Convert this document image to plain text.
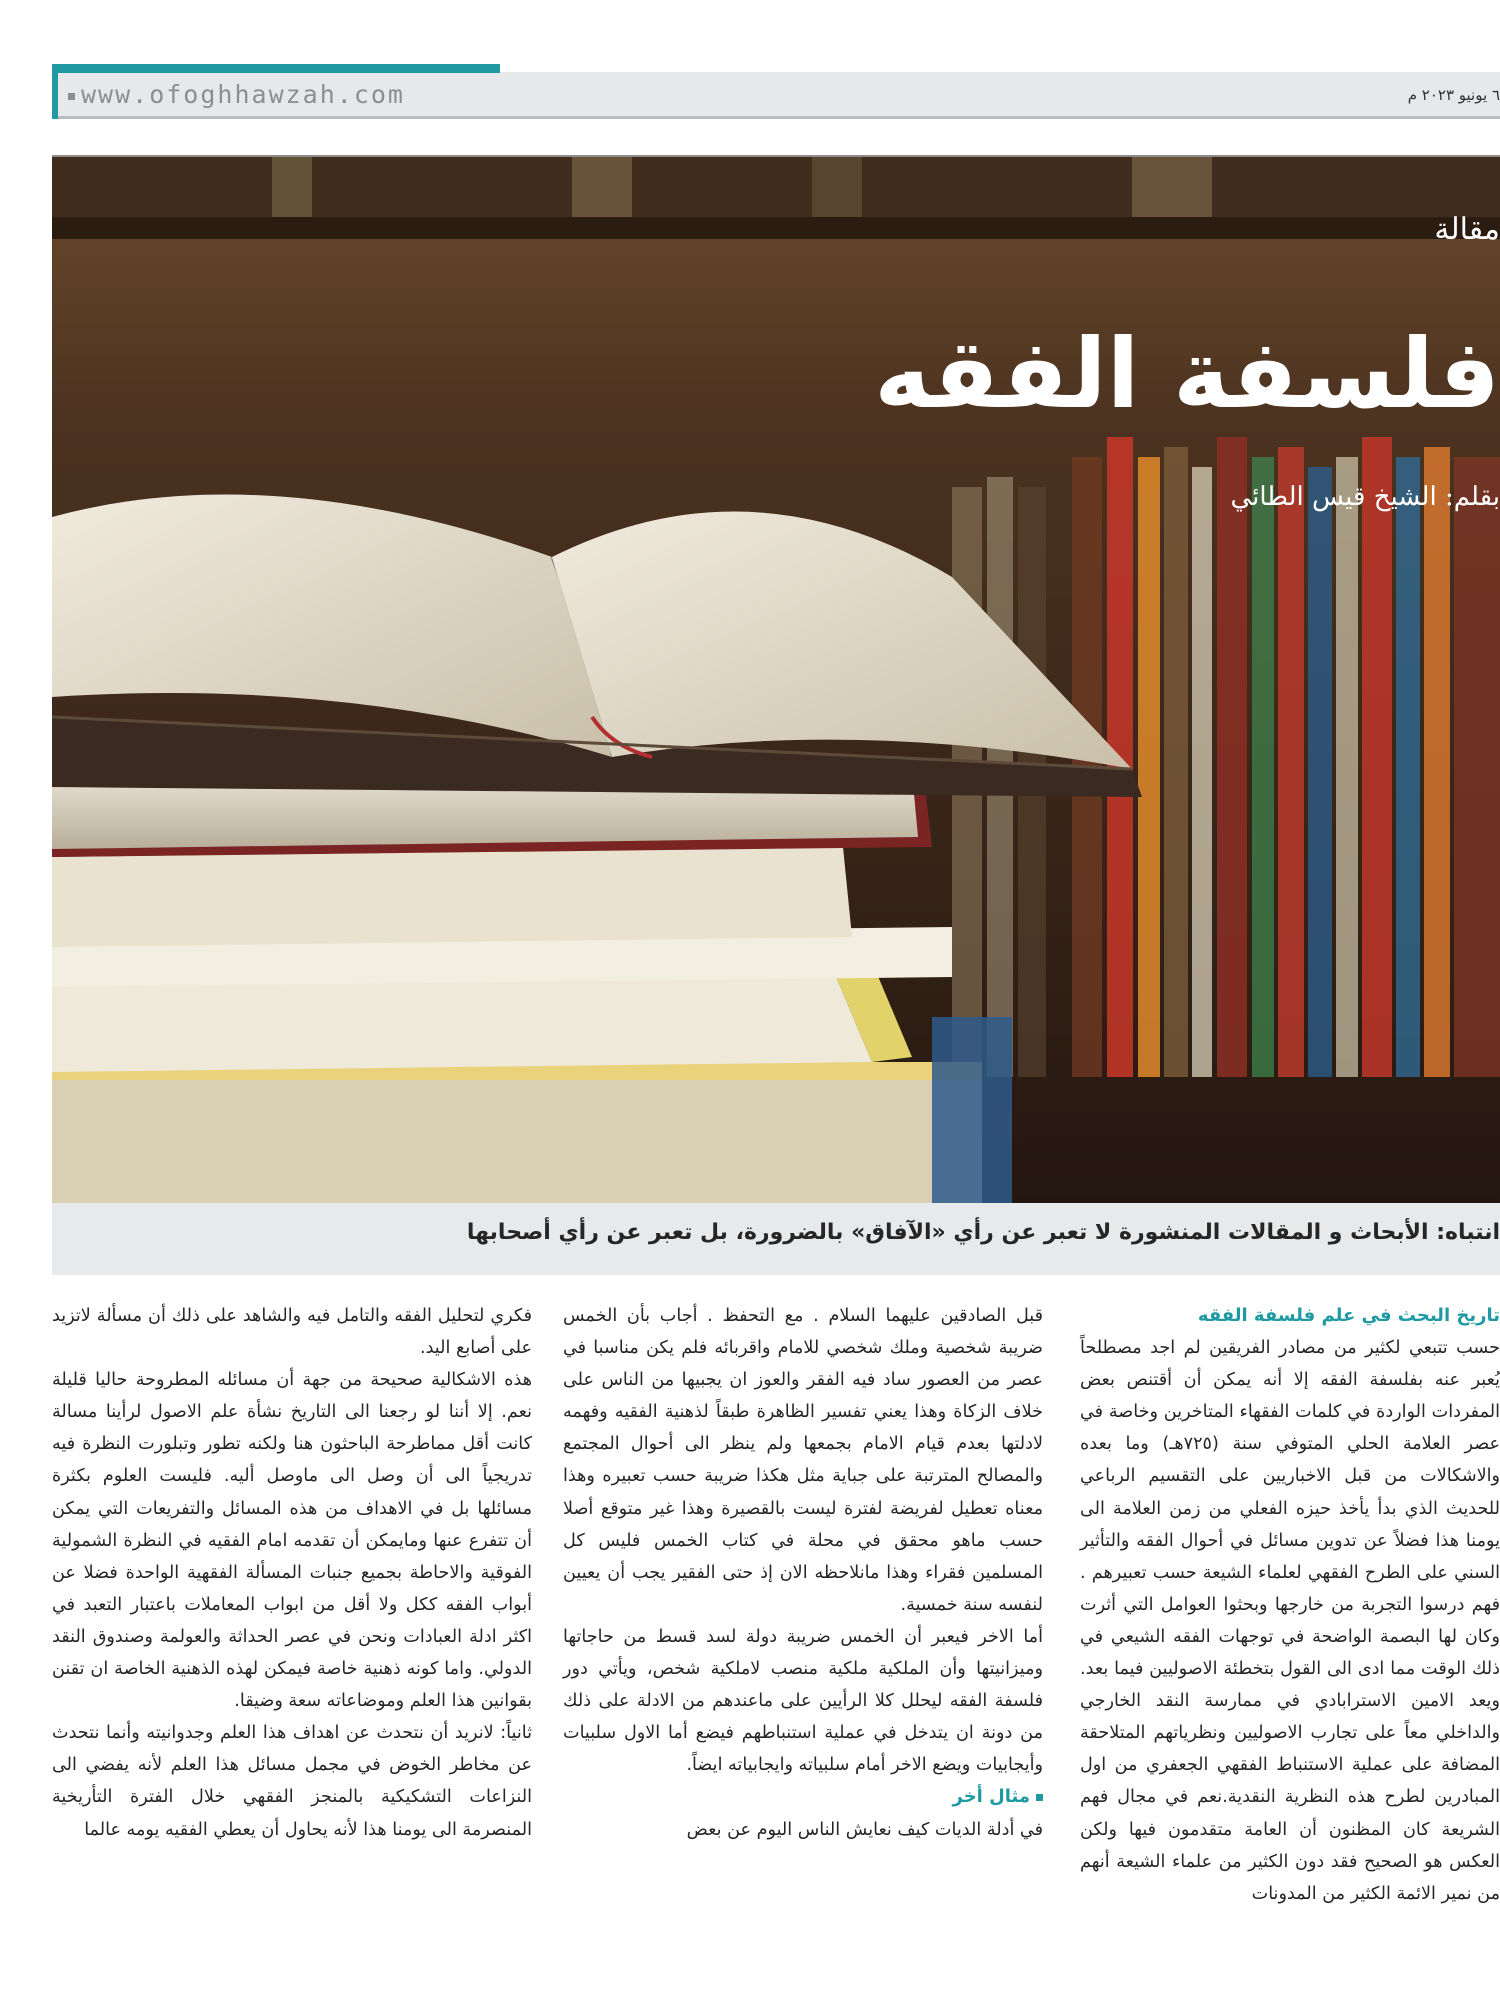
www.ofoghhawzah.com	٦ يونيو ٢٠٢٣ م
مقالة
فلسفة الفقه
بقلم: الشيخ قيس الطائي
انتباه: الأبحاث و المقالات المنشورة لا تعبر عن رأي «الآفاق» بالضرورة، بل تعبر عن رأي أصحابها

تاريخ البحث في علم فلسفة الفقه

حسب تتبعي لكثير من مصادر الفريقين لم اجد مصطلحاً يُعبر عنه بفلسفة الفقه إلا أنه يمكن أن أقتنص بعض المفردات الواردة في كلمات الفقهاء المتاخرين وخاصة في عصر العلامة الحلي المتوفي سنة (٧٢٥هـ) وما بعده والاشكالات من قبل الاخباريين على التقسيم الرباعي للحديث الذي بدأ يأخذ حيزه الفعلي من زمن العلامة الى يومنا هذا فضلاً عن تدوين مسائل في أحوال الفقه والتأثير السني على الطرح الفقهي لعلماء الشيعة حسب تعبيرهم . فهم درسوا التجربة من خارجها وبحثوا العوامل التي أثرت وكان لها البصمة الواضحة في توجهات الفقه الشيعي في ذلك الوقت مما ادى الى القول بتخطئة الاصوليين فيما بعد. ويعد الامين الاسترابادي في ممارسة النقد الخارجي والداخلي معاً على تجارب الاصوليين ونظرياتهم المتلاحقة المضافة على عملية الاستنباط الفقهي الجعفري من اول المبادرين لطرح هذه النظرية النقدية.نعم في مجال فهم الشريعة كان المظنون أن العامة متقدمون فيها ولكن العكس هو الصحيح فقد دون الكثير من علماء الشيعة أنهم من نمير الائمة الكثير من المدونات

قبل الصادقين عليهما السلام . مع التحفظ . أجاب بأن الخمس ضريبة شخصية وملك شخصي للامام واقربائه فلم يكن مناسبا في عصر من العصور ساد فيه الفقر والعوز ان يجبيها من الناس على خلاف الزكاة وهذا يعني تفسير الظاهرة طبقاً لذهنية الفقيه وفهمه لادلتها بعدم قيام الامام بجمعها ولم ينظر الى أحوال المجتمع والمصالح المترتبة على جباية مثل هكذا ضريبة حسب تعبيره وهذا معناه تعطيل لفريضة لفترة ليست بالقصيرة وهذا غير متوقع أصلا حسب ماهو محقق في محلة في كتاب الخمس فليس كل المسلمين فقراء وهذا مانلاحظه الان إذ حتى الفقير يجب أن يعيين لنفسه سنة خمسية.

أما الاخر فيعبر أن الخمس ضريبة دولة لسد قسط من حاجاتها وميزانيتها وأن الملكية ملكية منصب لاملكية شخص، ويأتي دور فلسفة الفقه ليحلل كلا الرأيين على ماعندهم من الادلة على ذلك من دونة ان يتدخل في عملية استنباطهم فيضع أما الاول سلبيات وأيجابيات ويضع الاخر أمام سلبياته وايجابياته ايضاً.

مثال أخر

في أدلة الديات كيف نعايش الناس اليوم عن بعض

فكري لتحليل الفقه والتامل فيه والشاهد على ذلك أن مسألة لاتزيد على أصابع اليد.

هذه الاشكالية صحيحة من جهة أن مسائله المطروحة حاليا قليلة نعم. إلا أننا لو رجعنا الى التاريخ نشأة علم الاصول لرأينا مسالة كانت أقل مماطرحة الباحثون هنا ولكنه تطور وتبلورت النظرة فيه تدريجياً الى أن وصل الى ماوصل أليه. فليست العلوم بكثرة مسائلها بل في الاهداف من هذه المسائل والتفريعات التي يمكن أن تتفرع عنها ومايمكن أن تقدمه امام الفقيه في النظرة الشمولية الفوقية والاحاطة بجميع جنبات المسألة الفقهية الواحدة فضلا عن أبواب الفقه ككل ولا أقل من ابواب المعاملات باعتبار التعبد في اكثر ادلة العبادات ونحن في عصر الحداثة والعولمة وصندوق النقد الدولي. واما كونه ذهنية خاصة فيمكن لهذه الذهنية الخاصة ان تقنن بقوانين هذا العلم وموضاعاته سعة وضيقا.

ثانياً: لانريد أن نتحدث عن اهداف هذا العلم وجدوانيته وأنما نتحدث عن مخاطر الخوض في مجمل مسائل هذا العلم لأنه يفضي الى النزاعات التشكيكية بالمنجز الفقهي خلال الفترة التأريخية المنصرمة الى يومنا هذا لأنه يحاول أن يعطي الفقيه يومه عالما
